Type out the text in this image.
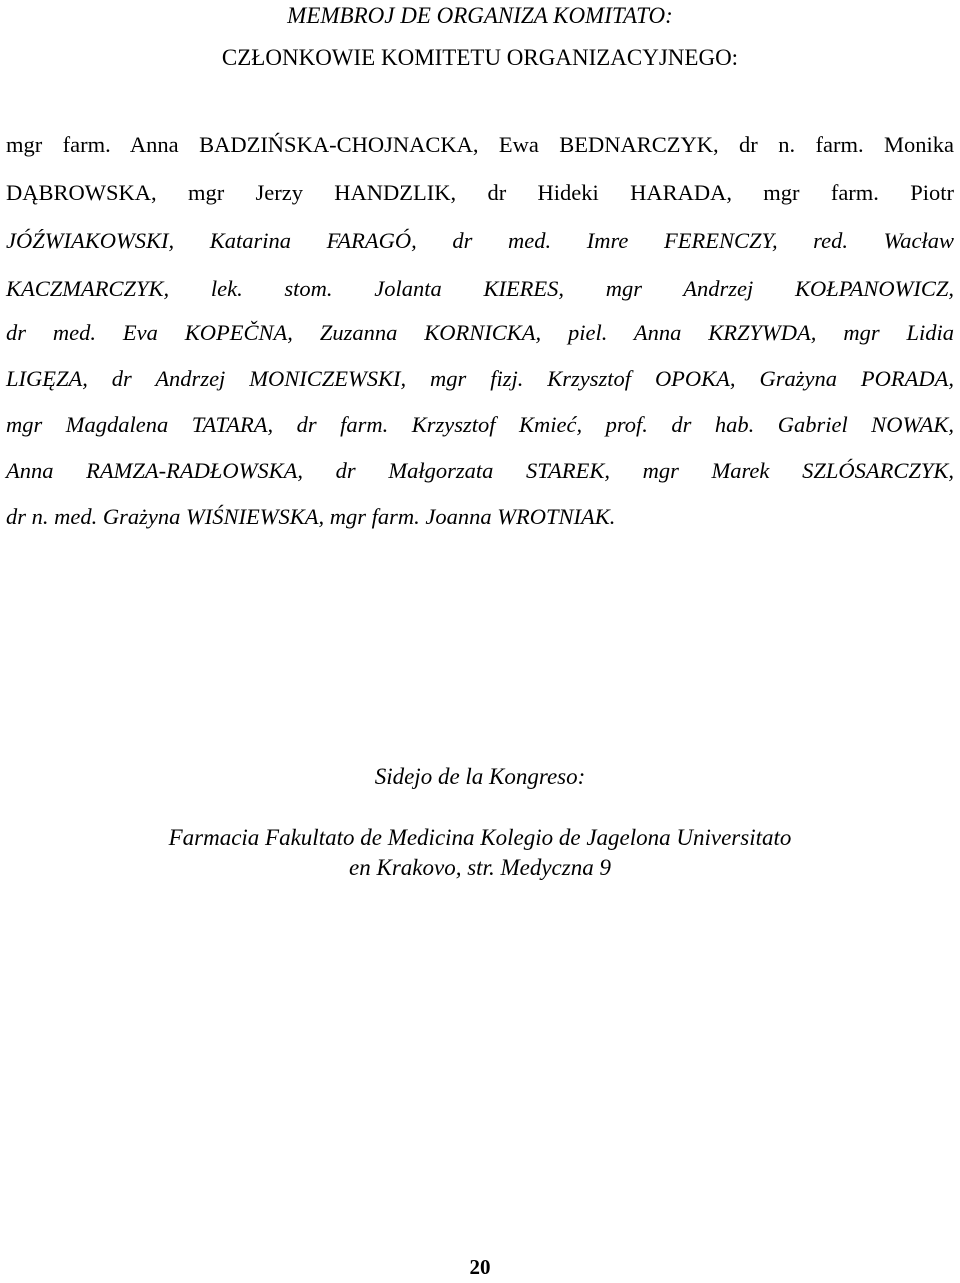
MEMBROJ DE ORGANIZA KOMITATO:
CZŁONKOWIE KOMITETU ORGANIZACYJNEGO:
mgr farm. Anna BADZIŃSKA-CHOJNACKA, Ewa BEDNARCZYK, dr n. farm. Monika
DĄBROWSKA, mgr Jerzy HANDZLIK, dr Hideki HARADA, mgr farm. Piotr
JÓŹWIAKOWSKI, Katarina FARAGÓ, dr med. Imre FERENCZY, red. Wacław
KACZMARCZYK, lek. stom. Jolanta KIERES, mgr Andrzej KOŁPANOWICZ,
dr med. Eva KOPEČNA, Zuzanna KORNICKA, piel. Anna KRZYWDA, mgr Lidia
LIGĘZA, dr Andrzej MONICZEWSKI, mgr fizj. Krzysztof OPOKA, Grażyna PORADA,
mgr Magdalena TATARA, dr farm. Krzysztof Kmieć, prof. dr hab. Gabriel NOWAK,
Anna RAMZA-RADŁOWSKA, dr Małgorzata STAREK, mgr Marek SZLÓSARCZYK,
dr n. med. Grażyna WIŚNIEWSKA, mgr farm. Joanna WROTNIAK.
Sidejo de la Kongreso:
Farmacia Fakultato de Medicina Kolegio de Jagelona Universitato
en Krakovo, str. Medyczna 9
20
